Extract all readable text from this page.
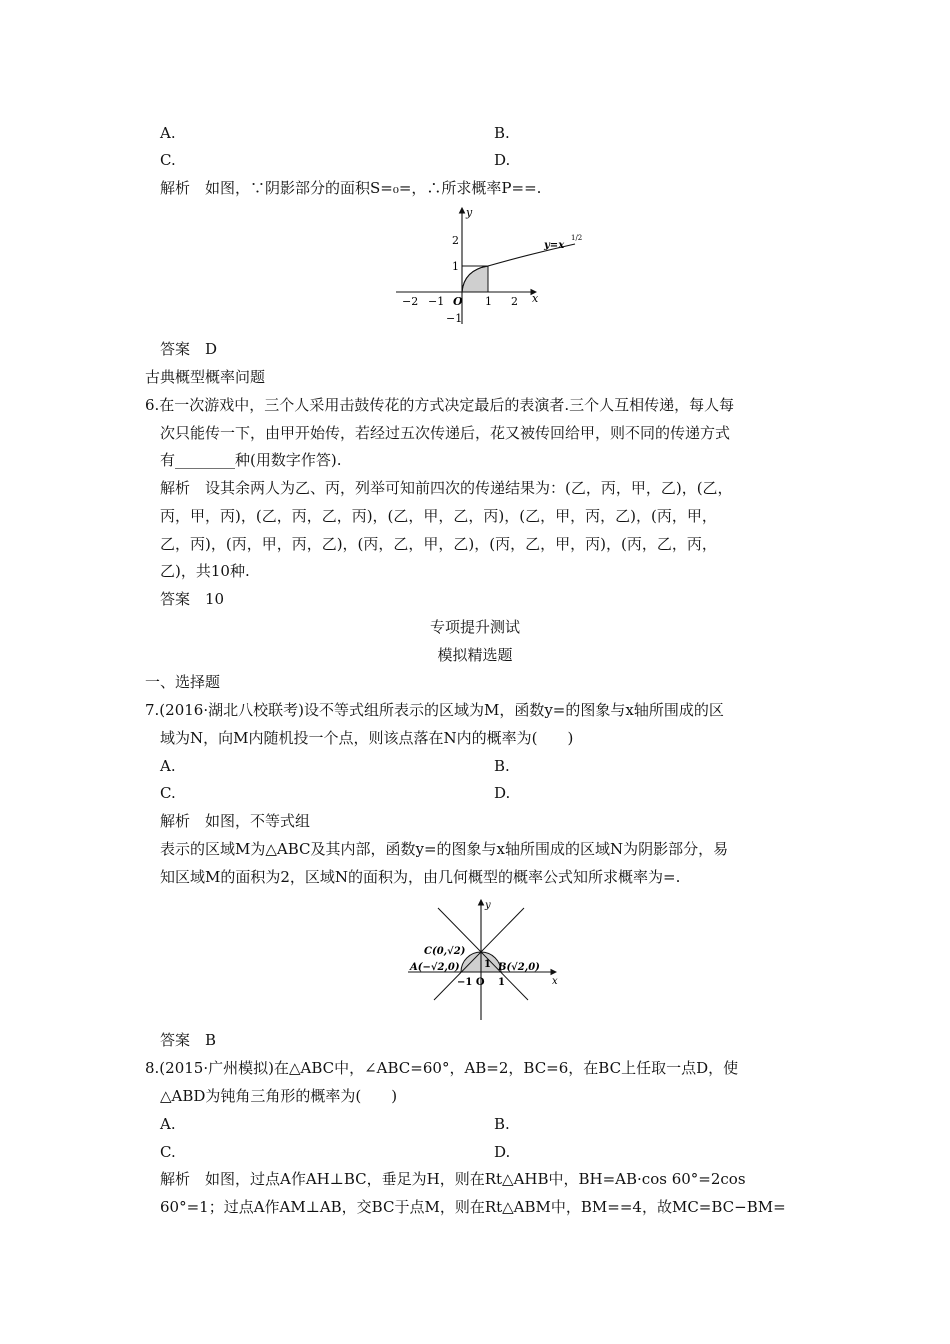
A.	B.
C.	D.
解析　如图，∵阴影部分的面积S=₀=，∴所求概率P==.
−2 −1 O 1 2 x
2
1
−1
y
y=x
1/2
答案　D
古典概型概率问题
6.在一次游戏中，三个人采用击鼓传花的方式决定最后的表演者.三个人互相传递，每人每
次只能传一下，由甲开始传，若经过五次传递后，花又被传回给甲，则不同的传递方式
有________种(用数字作答).
解析　设其余两人为乙、丙，列举可知前四次的传递结果为：(乙，丙，甲，乙)，(乙，
丙，甲，丙)，(乙，丙，乙，丙)，(乙，甲，乙，丙)，(乙，甲，丙，乙)，(丙，甲，
乙，丙)，(丙，甲，丙，乙)，(丙，乙，甲，乙)，(丙，乙，甲，丙)，(丙，乙，丙，
乙)，共10种.
答案　10
专项提升测试
模拟精选题
一、选择题
7.(2016·湖北八校联考)设不等式组所表示的区域为M，函数y=的图象与x轴所围成的区
域为N，向M内随机投一个点，则该点落在N内的概率为(　　)
A.	B.
C.	D.
解析　如图，不等式组
表示的区域M为△ABC及其内部，函数y=的图象与x轴所围成的区域N为阴影部分，易
知区域M的面积为2，区域N的面积为，由几何概型的概率公式知所求概率为=.
C(0,√2)
A(−√2,0)	B(√2,0)
−1 O 1
1
x
y
答案　B
8.(2015·广州模拟)在△ABC中，∠ABC=60°，AB=2，BC=6，在BC上任取一点D，使
△ABD为钝角三角形的概率为(　　)
A.	B.
C.	D.
解析　如图，过点A作AH⊥BC，垂足为H，则在Rt△AHB中，BH=AB·cos 60°=2cos
60°=1；过点A作AM⊥AB，交BC于点M，则在Rt△ABM中，BM==4，故MC=BC−BM=
